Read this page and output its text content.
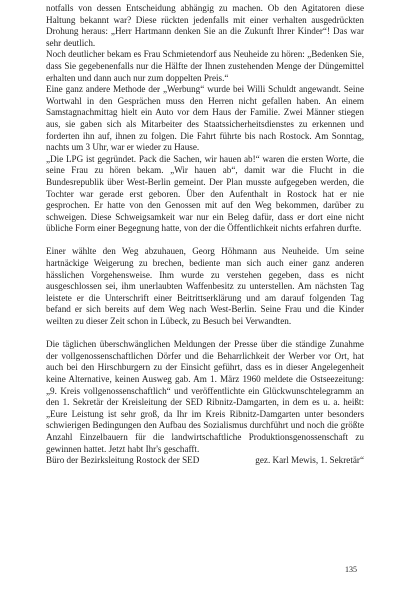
notfalls von dessen Entscheidung abhängig zu machen. Ob den Agitatoren diese Haltung bekannt war? Diese rückten jedenfalls mit einer verhalten ausgedrückten Drohung heraus: „Herr Hartmann denken Sie an die Zukunft Ihrer Kinder“! Das war sehr deutlich.

Noch deutlicher bekam es Frau Schmietendorf aus Neuheide zu hören: „Bedenken Sie, dass Sie gegebenenfalls nur die Hälfte der Ihnen zustehenden Menge der Düngemittel erhalten und dann auch nur zum doppelten Preis.“

Eine ganz andere Methode der „Werbung“ wurde bei Willi Schuldt angewandt. Seine Wortwahl in den Gesprächen muss den Herren nicht gefallen haben. An einem Samstagnachmittag hielt ein Auto vor dem Haus der Familie. Zwei Männer stiegen aus, sie gaben sich als Mitarbeiter des Staatssicherheitsdienstes zu erkennen und forderten ihn auf, ihnen zu folgen. Die Fahrt führte bis nach Rostock. Am Sonntag, nachts um 3 Uhr, war er wieder zu Hause.

„Die LPG ist gegründet. Pack die Sachen, wir hauen ab!“ waren die ersten Worte, die seine Frau zu hören bekam. „Wir hauen ab“, damit war die Flucht in die Bundesrepublik über West-Berlin gemeint. Der Plan musste aufgegeben werden, die Tochter war gerade erst geboren. Über den Aufenthalt in Rostock hat er nie gesprochen. Er hatte von den Genossen mit auf den Weg bekommen, darüber zu schweigen. Diese Schweigsamkeit war nur ein Beleg dafür, dass er dort eine nicht übliche Form einer Begegnung hatte, von der die Öffentlichkeit nichts erfahren durfte.

Einer wählte den Weg abzuhauen, Georg Höhmann aus Neuheide. Um seine hartnäckige Weigerung zu brechen, bediente man sich auch einer ganz anderen hässlichen Vorgehensweise. Ihm wurde zu verstehen gegeben, dass es nicht ausgeschlossen sei, ihm unerlaubten Waffenbesitz zu unterstellen. Am nächsten Tag leistete er die Unterschrift einer Beitrittserklärung und am darauf folgenden Tag befand er sich bereits auf dem Weg nach West-Berlin. Seine Frau und die Kinder weilten zu dieser Zeit schon in Lübeck, zu Besuch bei Verwandten.

Die täglichen überschwänglichen Meldungen der Presse über die ständige Zunahme der vollgenossenschaftlichen Dörfer und die Beharrlichkeit der Werber vor Ort, hat auch bei den Hirschburgern zu der Einsicht geführt, dass es in dieser Angelegenheit keine Alternative, keinen Ausweg gab. Am 1. März 1960 meldete die Ostseezeitung: „9. Kreis vollgenossenschaftlich“ und veröffentlichte ein Glückwunschtelegramm an den 1. Sekretär der Kreisleitung der SED Ribnitz-Damgarten, in dem es u. a. heißt: „Eure Leistung ist sehr groß, da Ihr im Kreis Ribnitz-Damgarten unter besonders schwierigen Bedingungen den Aufbau des Sozialismus durchführt und noch die größte Anzahl Einzelbauern für die landwirtschaftliche Produktionsgenossenschaft zu gewinnen hattet. Jetzt habt Ihr's geschafft.

Büro der Bezirksleitung Rostock der SED	gez. Karl Mewis, 1. Sekretär“
135
